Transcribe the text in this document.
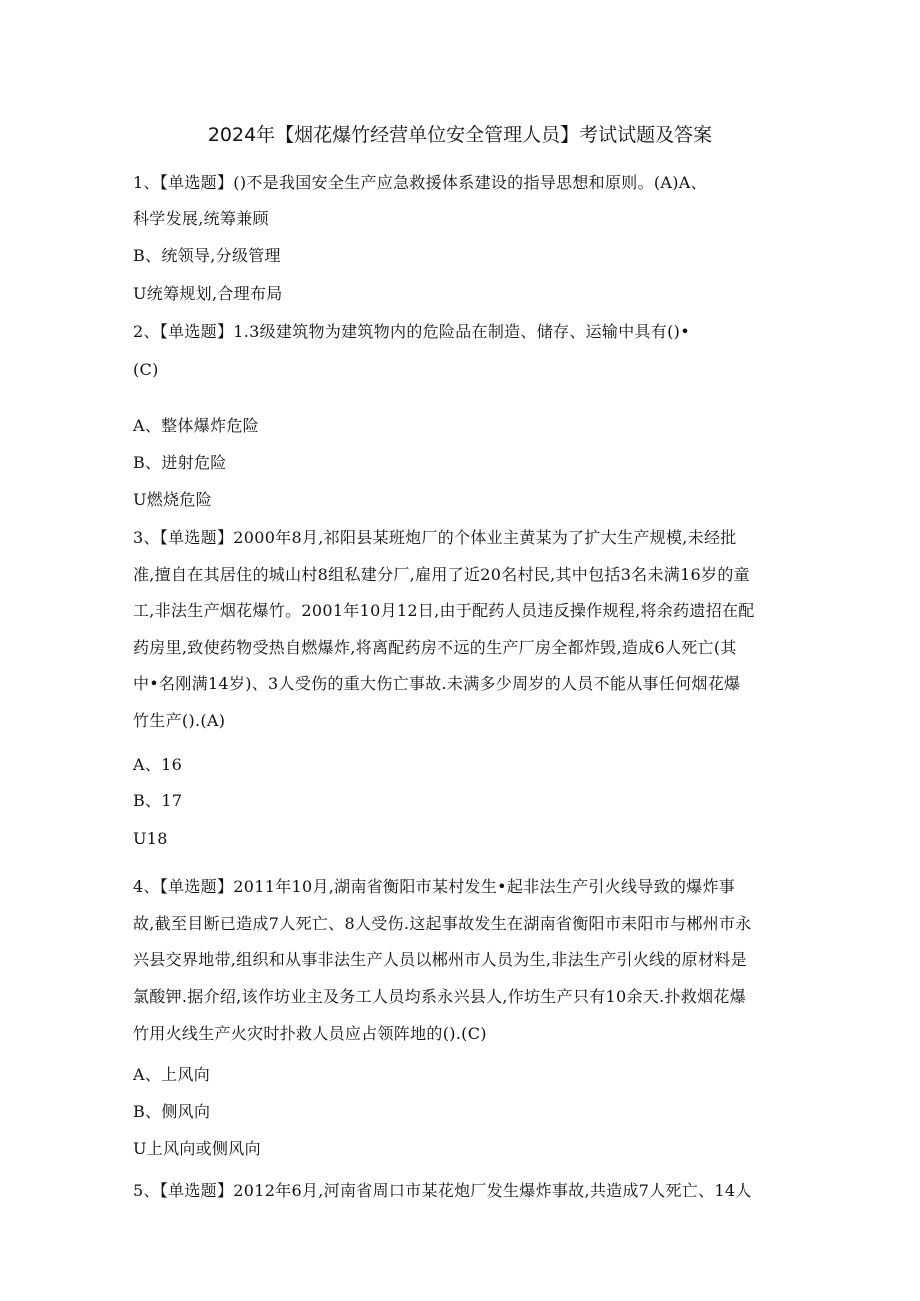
2024年【烟花爆竹经营单位安全管理人员】考试试题及答案
1、【单选题】()不是我国安全生产应急救援体系建设的指导思想和原则。(A)A、
科学发展,统筹兼顾
B、统领导,分级管理
U统筹规划,合理布局
2、【单选题】1.3级建筑物为建筑物内的危险品在制造、储存、运输中具有()•
(C)
A、整体爆炸危险
B、迸射危险
U燃烧危险
3、【单选题】2000年8月,祁阳县某班炮厂的个体业主黄某为了扩大生产规模,未经批
准,擅自在其居住的城山村8组私建分厂,雇用了近20名村民,其中包括3名未满16岁的童
工,非法生产烟花爆竹。2001年10月12日,由于配药人员违反操作规程,将余药遗招在配
药房里,致使药物受热自燃爆炸,将离配药房不远的生产厂房全都炸毁,造成6人死亡(其
中•名刚满14岁)、3人受伤的重大伤亡事故.未满多少周岁的人员不能从事任何烟花爆
竹生产().(A)
A、16
B、17
U18
4、【单选题】2011年10月,湖南省衡阳市某村发生•起非法生产引火线导致的爆炸事
故,截至目断已造成7人死亡、8人受伤.这起事故发生在湖南省衡阳市耒阳市与郴州市永
兴县交界地带,组织和从事非法生产人员以郴州市人员为生,非法生产引火线的原材料是
氯酸钾.据介绍,该作坊业主及务工人员均系永兴县人,作坊生产只有10余天.扑救烟花爆
竹用火线生产火灾时扑救人员应占领阵地的().(C)
A、上风向
B、侧风向
U上风向或侧风向
5、【单选题】2012年6月,河南省周口市某花炮厂发生爆炸事故,共造成7人死亡、14人
